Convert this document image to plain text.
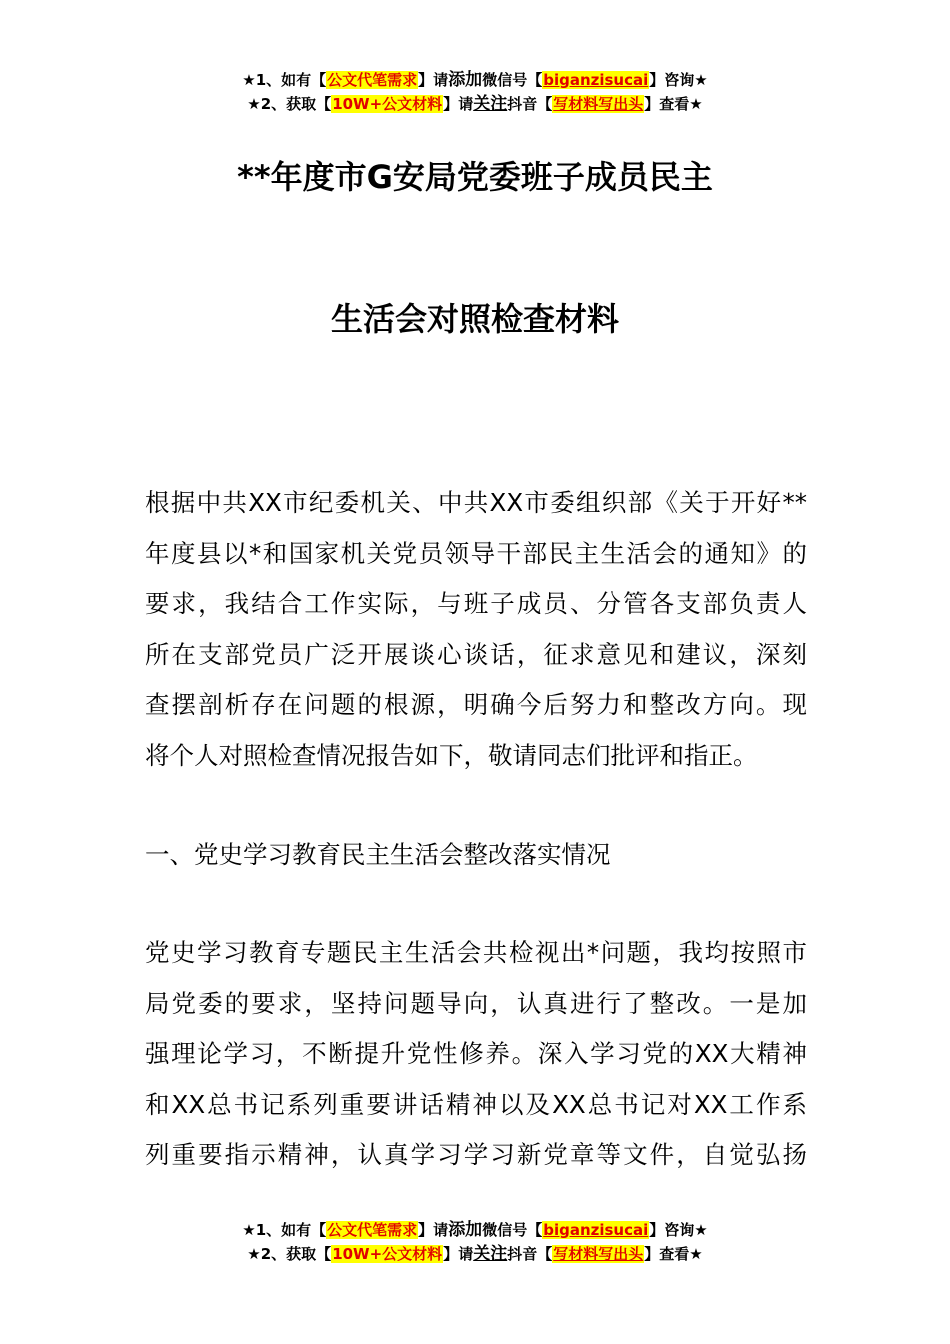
★1、如有【公文代笔需求】请添加微信号【biganzisucai】咨询★
★2、获取【10W+公文材料】请关注抖音【写材料写出头】查看★
**年度市G安局党委班子成员民主
生活会对照检查材料
根据中共XX市纪委机关、中共XX市委组织部《关于开好**
年度县以*和国家机关党员领导干部民主生活会的通知》的
要求，我结合工作实际，与班子成员、分管各支部负责人
所在支部党员广泛开展谈心谈话，征求意见和建议，深刻
查摆剖析存在问题的根源，明确今后努力和整改方向。现
将个人对照检查情况报告如下，敬请同志们批评和指正。
一、党史学习教育民主生活会整改落实情况
党史学习教育专题民主生活会共检视出*问题，我均按照市
局党委的要求，坚持问题导向，认真进行了整改。一是加
强理论学习，不断提升党性修养。深入学习党的XX大精神
和XX总书记系列重要讲话精神以及XX总书记对XX工作系
列重要指示精神，认真学习学习新党章等文件，自觉弘扬
★1、如有【公文代笔需求】请添加微信号【biganzisucai】咨询★
★2、获取【10W+公文材料】请关注抖音【写材料写出头】查看★
